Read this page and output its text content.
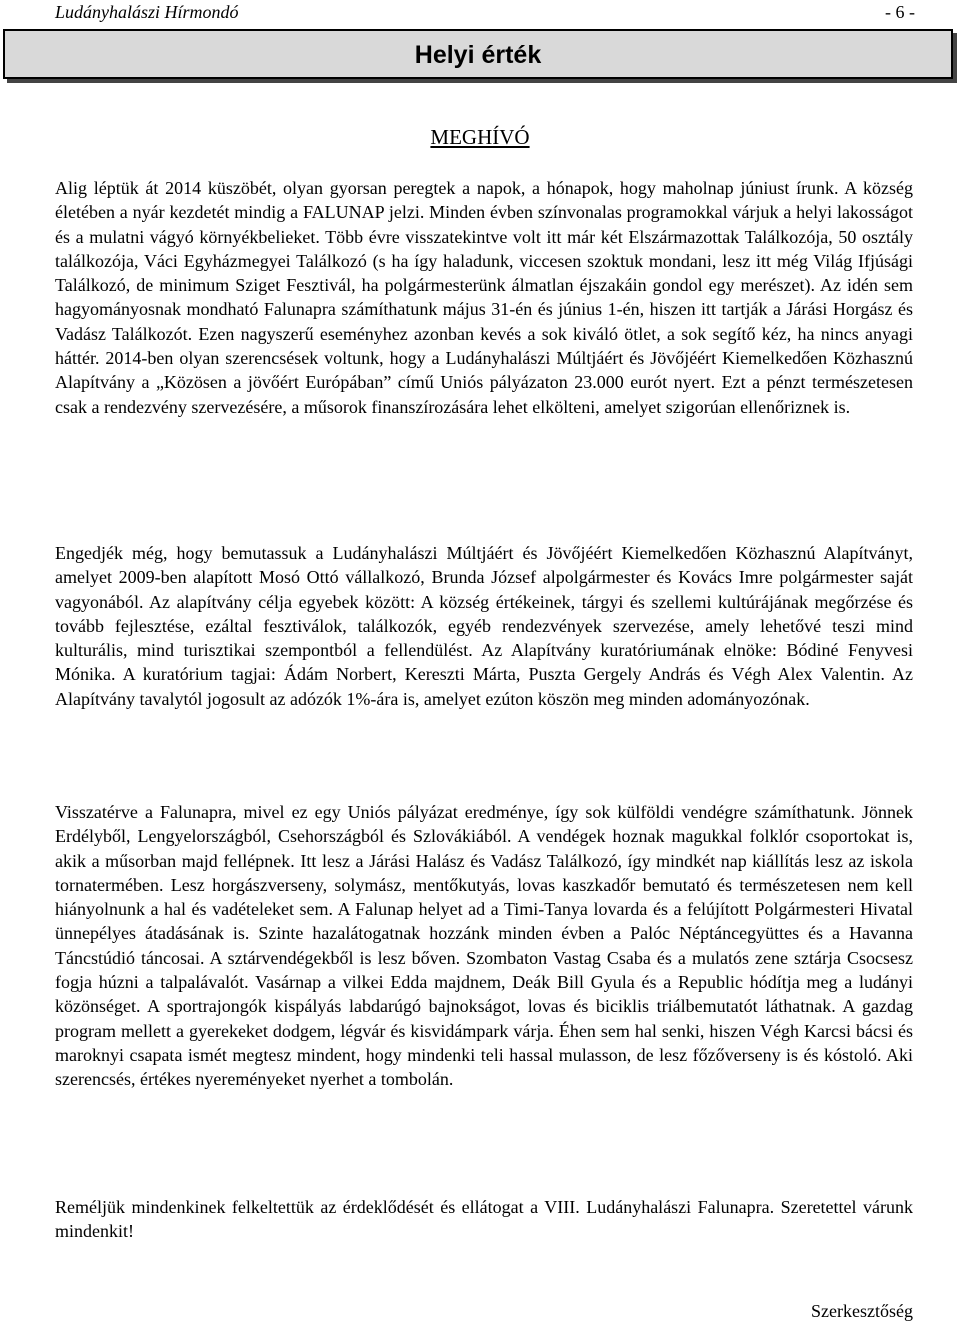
Ludányhalászi Hírmondó	- 6 -
Helyi érték
MEGHÍVÓ

Alig léptük át 2014 küszöbét, olyan gyorsan peregtek a napok, a hónapok, hogy maholnap júniust írunk. A község életében a nyár kezdetét mindig a FALUNAP jelzi. Minden évben színvonalas programokkal várjuk a helyi lakosságot és a mulatni vágyó környékbelieket. Több évre visszatekintve volt itt már két Elszármazottak Találkozója, 50 osztály találkozója, Váci Egyházmegyei Találkozó (s ha így haladunk, viccesen szoktuk mondani, lesz itt még Világ Ifjúsági Találkozó, de minimum Sziget Fesztivál, ha polgármesterünk álmatlan éjszakáin gondol egy merészet). Az idén sem hagyományosnak mondható Falunapra számíthatunk május 31-én és június 1-én, hiszen itt tartják a Járási Horgász és Vadász Találkozót. Ezen nagyszerű eseményhez azonban kevés a sok kiváló ötlet, a sok segítő kéz, ha nincs anyagi háttér. 2014-ben olyan szerencsések voltunk, hogy a Ludányhalászi Múltjáért és Jövőjéért Kiemelkedően Közhasznú Alapítvány a „Közösen a jövőért Európában” című Uniós pályázaton 23.000 eurót nyert. Ezt a pénzt természetesen csak a rendezvény szervezésére, a műsorok finanszírozására lehet elkölteni, amelyet szigorúan ellenőriznek is.

Engedjék még, hogy bemutassuk a Ludányhalászi Múltjáért és Jövőjéért Kiemelkedően Közhasznú Alapítványt, amelyet 2009-ben alapított Mosó Ottó vállalkozó, Brunda József alpolgármester és Kovács Imre polgármester saját vagyonából. Az alapítvány célja egyebek között: A község értékeinek, tárgyi és szellemi kultúrájának megőrzése és tovább fejlesztése, ezáltal fesztiválok, találkozók, egyéb rendezvények szervezése, amely lehetővé teszi mind kulturális, mind turisztikai szempontból a fellendülést. Az Alapítvány kuratóriumának elnöke: Bódiné Fenyvesi Mónika. A kuratórium tagjai: Ádám Norbert, Kereszti Márta, Puszta Gergely András és Végh Alex Valentin. Az Alapítvány tavalytól jogosult az adózók 1%-ára is, amelyet ezúton köszön meg minden adományozónak.

Visszatérve a Falunapra, mivel ez egy Uniós pályázat eredménye, így sok külföldi vendégre számíthatunk. Jönnek Erdélyből, Lengyelországból, Csehországból és Szlovákiából. A vendégek hoznak magukkal folklór csoportokat is, akik a műsorban majd fellépnek. Itt lesz a Járási Halász és Vadász Találkozó, így mindkét nap kiállítás lesz az iskola tornatermében. Lesz horgászverseny, solymász, mentőkutyás, lovas kaszkadőr bemutató és természetesen nem kell hiányolnunk a hal és vadételeket sem. A Falunap helyet ad a Timi-Tanya lovarda és a felújított Polgármesteri Hivatal ünnepélyes átadásának is. Szinte hazalátogatnak hozzánk minden évben a Palóc Néptáncegyüttes és a Havanna Táncstúdió táncosai. A sztárvendégekből is lesz bőven. Szombaton Vastag Csaba és a mulatós zene sztárja Csocsesz fogja húzni a talpalávalót. Vasárnap a vilkei Edda majdnem, Deák Bill Gyula és a Republic hódítja meg a ludányi közönséget. A sportrajongók kispályás labdarúgó bajnokságot, lovas és biciklis triálbemutatót láthatnak. A gazdag program mellett a gyerekeket dodgem, légvár és kisvidámpark várja. Éhen sem hal senki, hiszen Végh Karcsi bácsi és maroknyi csapata ismét megtesz mindent, hogy mindenki teli hassal mulasson, de lesz főzőverseny is és kóstoló. Aki szerencsés, értékes nyereményeket nyerhet a tombolán.

Reméljük mindenkinek felkeltettük az érdeklődését és ellátogat a VIII. Ludányhalászi Falunapra. Szeretettel várunk mindenkit!

Szerkesztőség
